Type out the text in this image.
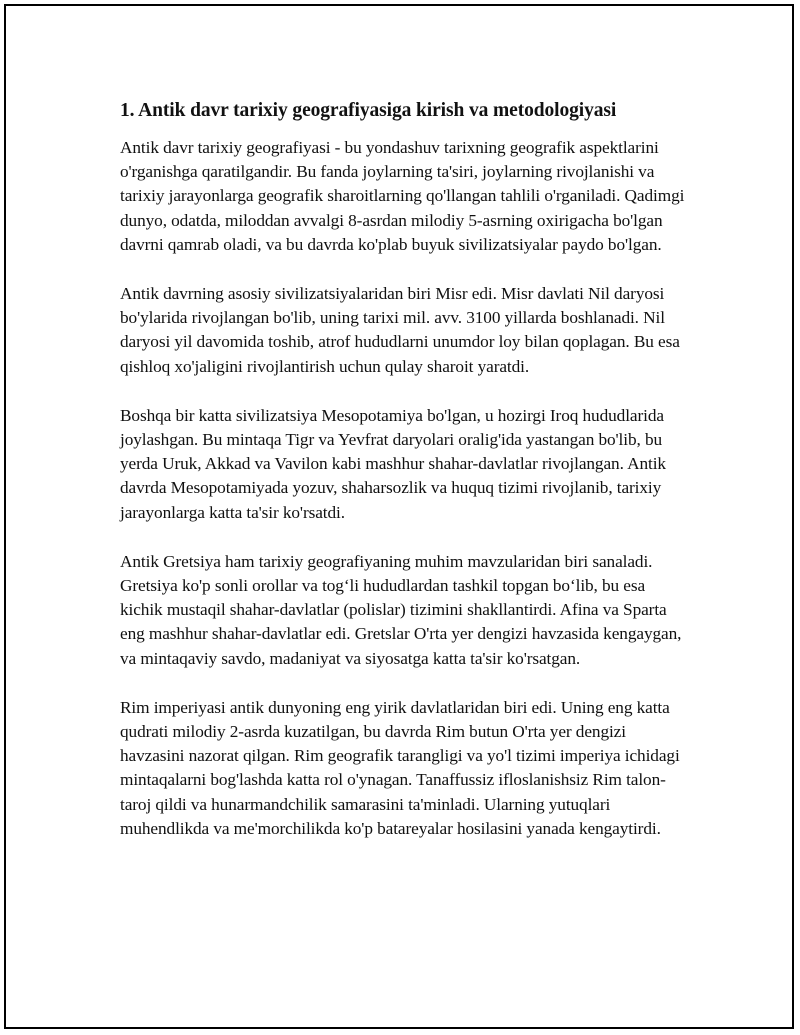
1. Antik davr tarixiy geografiyasiga kirish va metodologiyasi

Antik davr tarixiy geografiyasi - bu yondashuv tarixning geografik aspektlarini o'rganishga qaratilgandir. Bu fanda joylarning ta'siri, joylarning rivojlanishi va tarixiy jarayonlarga geografik sharoitlarning qo'llangan tahlili o'rganiladi. Qadimgi dunyo, odatda, miloddan avvalgi 8-asrdan milodiy 5-asrning oxirigacha bo'lgan davrni qamrab oladi, va bu davrda ko'plab buyuk sivilizatsiyalar paydo bo'lgan.

Antik davrning asosiy sivilizatsiyalaridan biri Misr edi. Misr davlati Nil daryosi bo'ylarida rivojlangan bo'lib, uning tarixi mil. avv. 3100 yillarda boshlanadi. Nil daryosi yil davomida toshib, atrof hududlarni unumdor loy bilan qoplagan. Bu esa qishloq xo'jaligini rivojlantirish uchun qulay sharoit yaratdi.

Boshqa bir katta sivilizatsiya Mesopotamiya bo'lgan, u hozirgi Iroq hududlarida joylashgan. Bu mintaqa Tigr va Yevfrat daryolari oralig'ida yastangan bo'lib, bu yerda Uruk, Akkad va Vavilon kabi mashhur shahar-davlatlar rivojlangan. Antik davrda Mesopotamiyada yozuv, shaharsozlik va huquq tizimi rivojlanib, tarixiy jarayonlarga katta ta'sir ko'rsatdi.

Antik Gretsiya ham tarixiy geografiyaning muhim mavzularidan biri sanaladi. Gretsiya ko'p sonli orollar va tog‘li hududlardan tashkil topgan bo‘lib, bu esa kichik mustaqil shahar-davlatlar (polislar) tizimini shakllantirdi. Afina va Sparta eng mashhur shahar-davlatlar edi. Gretslar O'rta yer dengizi havzasida kengaygan, va mintaqaviy savdo, madaniyat va siyosatga katta ta'sir ko'rsatgan.

Rim imperiyasi antik dunyoning eng yirik davlatlaridan biri edi. Uning eng katta qudrati milodiy 2-asrda kuzatilgan, bu davrda Rim butun O'rta yer dengizi havzasini nazorat qilgan. Rim geografik tarangligi va yo'l tizimi imperiya ichidagi mintaqalarni bog'lashda katta rol o'ynagan. Tanaffussiz ifloslanishsiz Rim talon-taroj qildi va hunarmandchilik samarasini ta'minladi. Ularning yutuqlari muhendlikda va me'morchilikda ko'p batareyalar hosilasini yanada kengaytirdi.
